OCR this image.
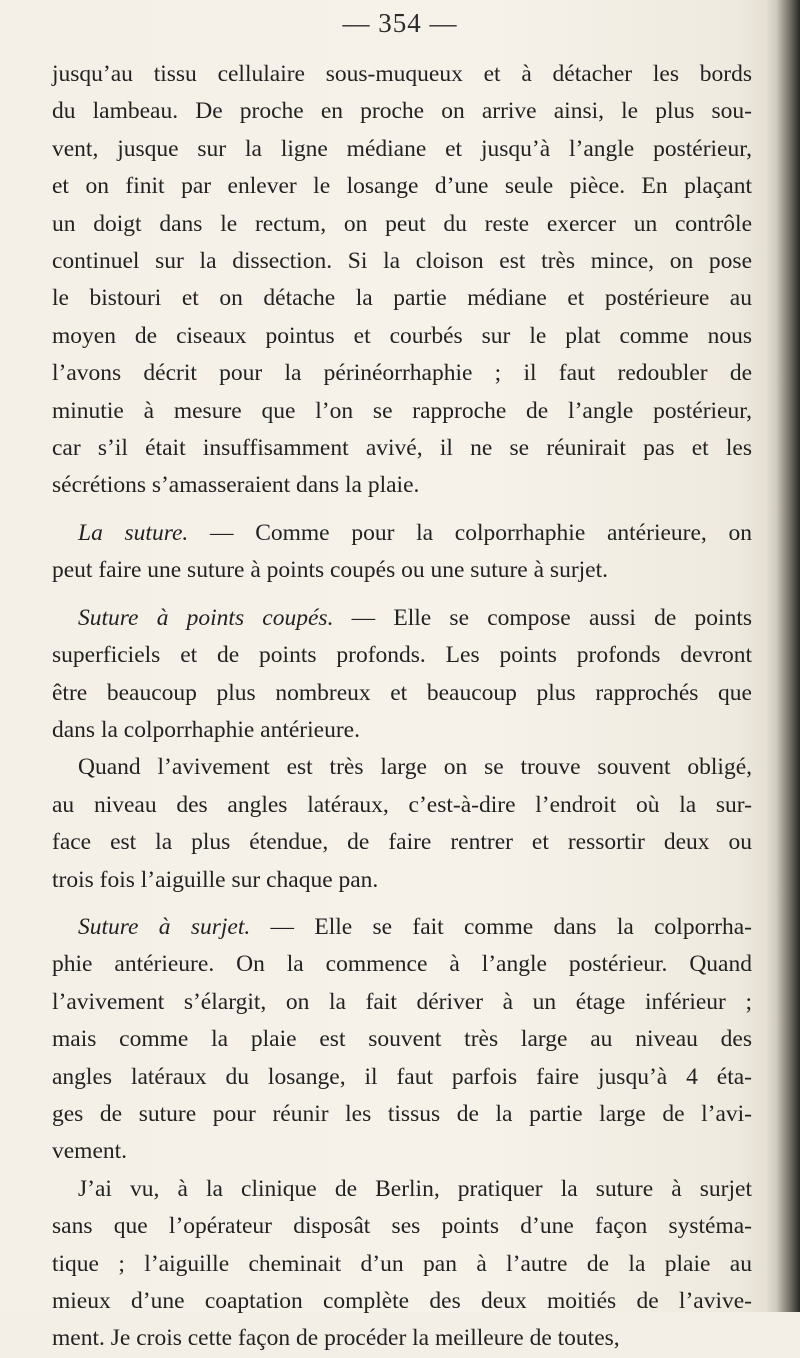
— 354 —
jusqu’au tissu cellulaire sous-muqueux et à détacher les bords
du lambeau. De proche en proche on arrive ainsi, le plus sou-
vent, jusque sur la ligne médiane et jusqu’à l’angle postérieur,
et on finit par enlever le losange d’une seule pièce. En plaçant
un doigt dans le rectum, on peut du reste exercer un contrôle
continuel sur la dissection. Si la cloison est très mince, on pose
le bistouri et on détache la partie médiane et postérieure au
moyen de ciseaux pointus et courbés sur le plat comme nous
l’avons décrit pour la périnéorrhaphie ; il faut redoubler de
minutie à mesure que l’on se rapproche de l’angle postérieur,
car s’il était insuffisamment avivé, il ne se réunirait pas et les
sécrétions s’amasseraient dans la plaie.
La suture. — Comme pour la colporrhaphie antérieure, on
peut faire une suture à points coupés ou une suture à surjet.
Suture à points coupés. — Elle se compose aussi de points
superficiels et de points profonds. Les points profonds devront
être beaucoup plus nombreux et beaucoup plus rapprochés que
dans la colporrhaphie antérieure.
Quand l’avivement est très large on se trouve souvent obligé,
au niveau des angles latéraux, c’est-à-dire l’endroit où la sur-
face est la plus étendue, de faire rentrer et ressortir deux ou
trois fois l’aiguille sur chaque pan.
Suture à surjet. — Elle se fait comme dans la colporrha-
phie antérieure. On la commence à l’angle postérieur. Quand
l’avivement s’élargit, on la fait dériver à un étage inférieur ;
mais comme la plaie est souvent très large au niveau des
angles latéraux du losange, il faut parfois faire jusqu’à 4 éta-
ges de suture pour réunir les tissus de la partie large de l’avi-
vement.
J’ai vu, à la clinique de Berlin, pratiquer la suture à surjet
sans que l’opérateur disposât ses points d’une façon systéma-
tique ; l’aiguille cheminait d’un pan à l’autre de la plaie au
mieux d’une coaptation complète des deux moitiés de l’avive-
ment. Je crois cette façon de procéder la meilleure de toutes,
